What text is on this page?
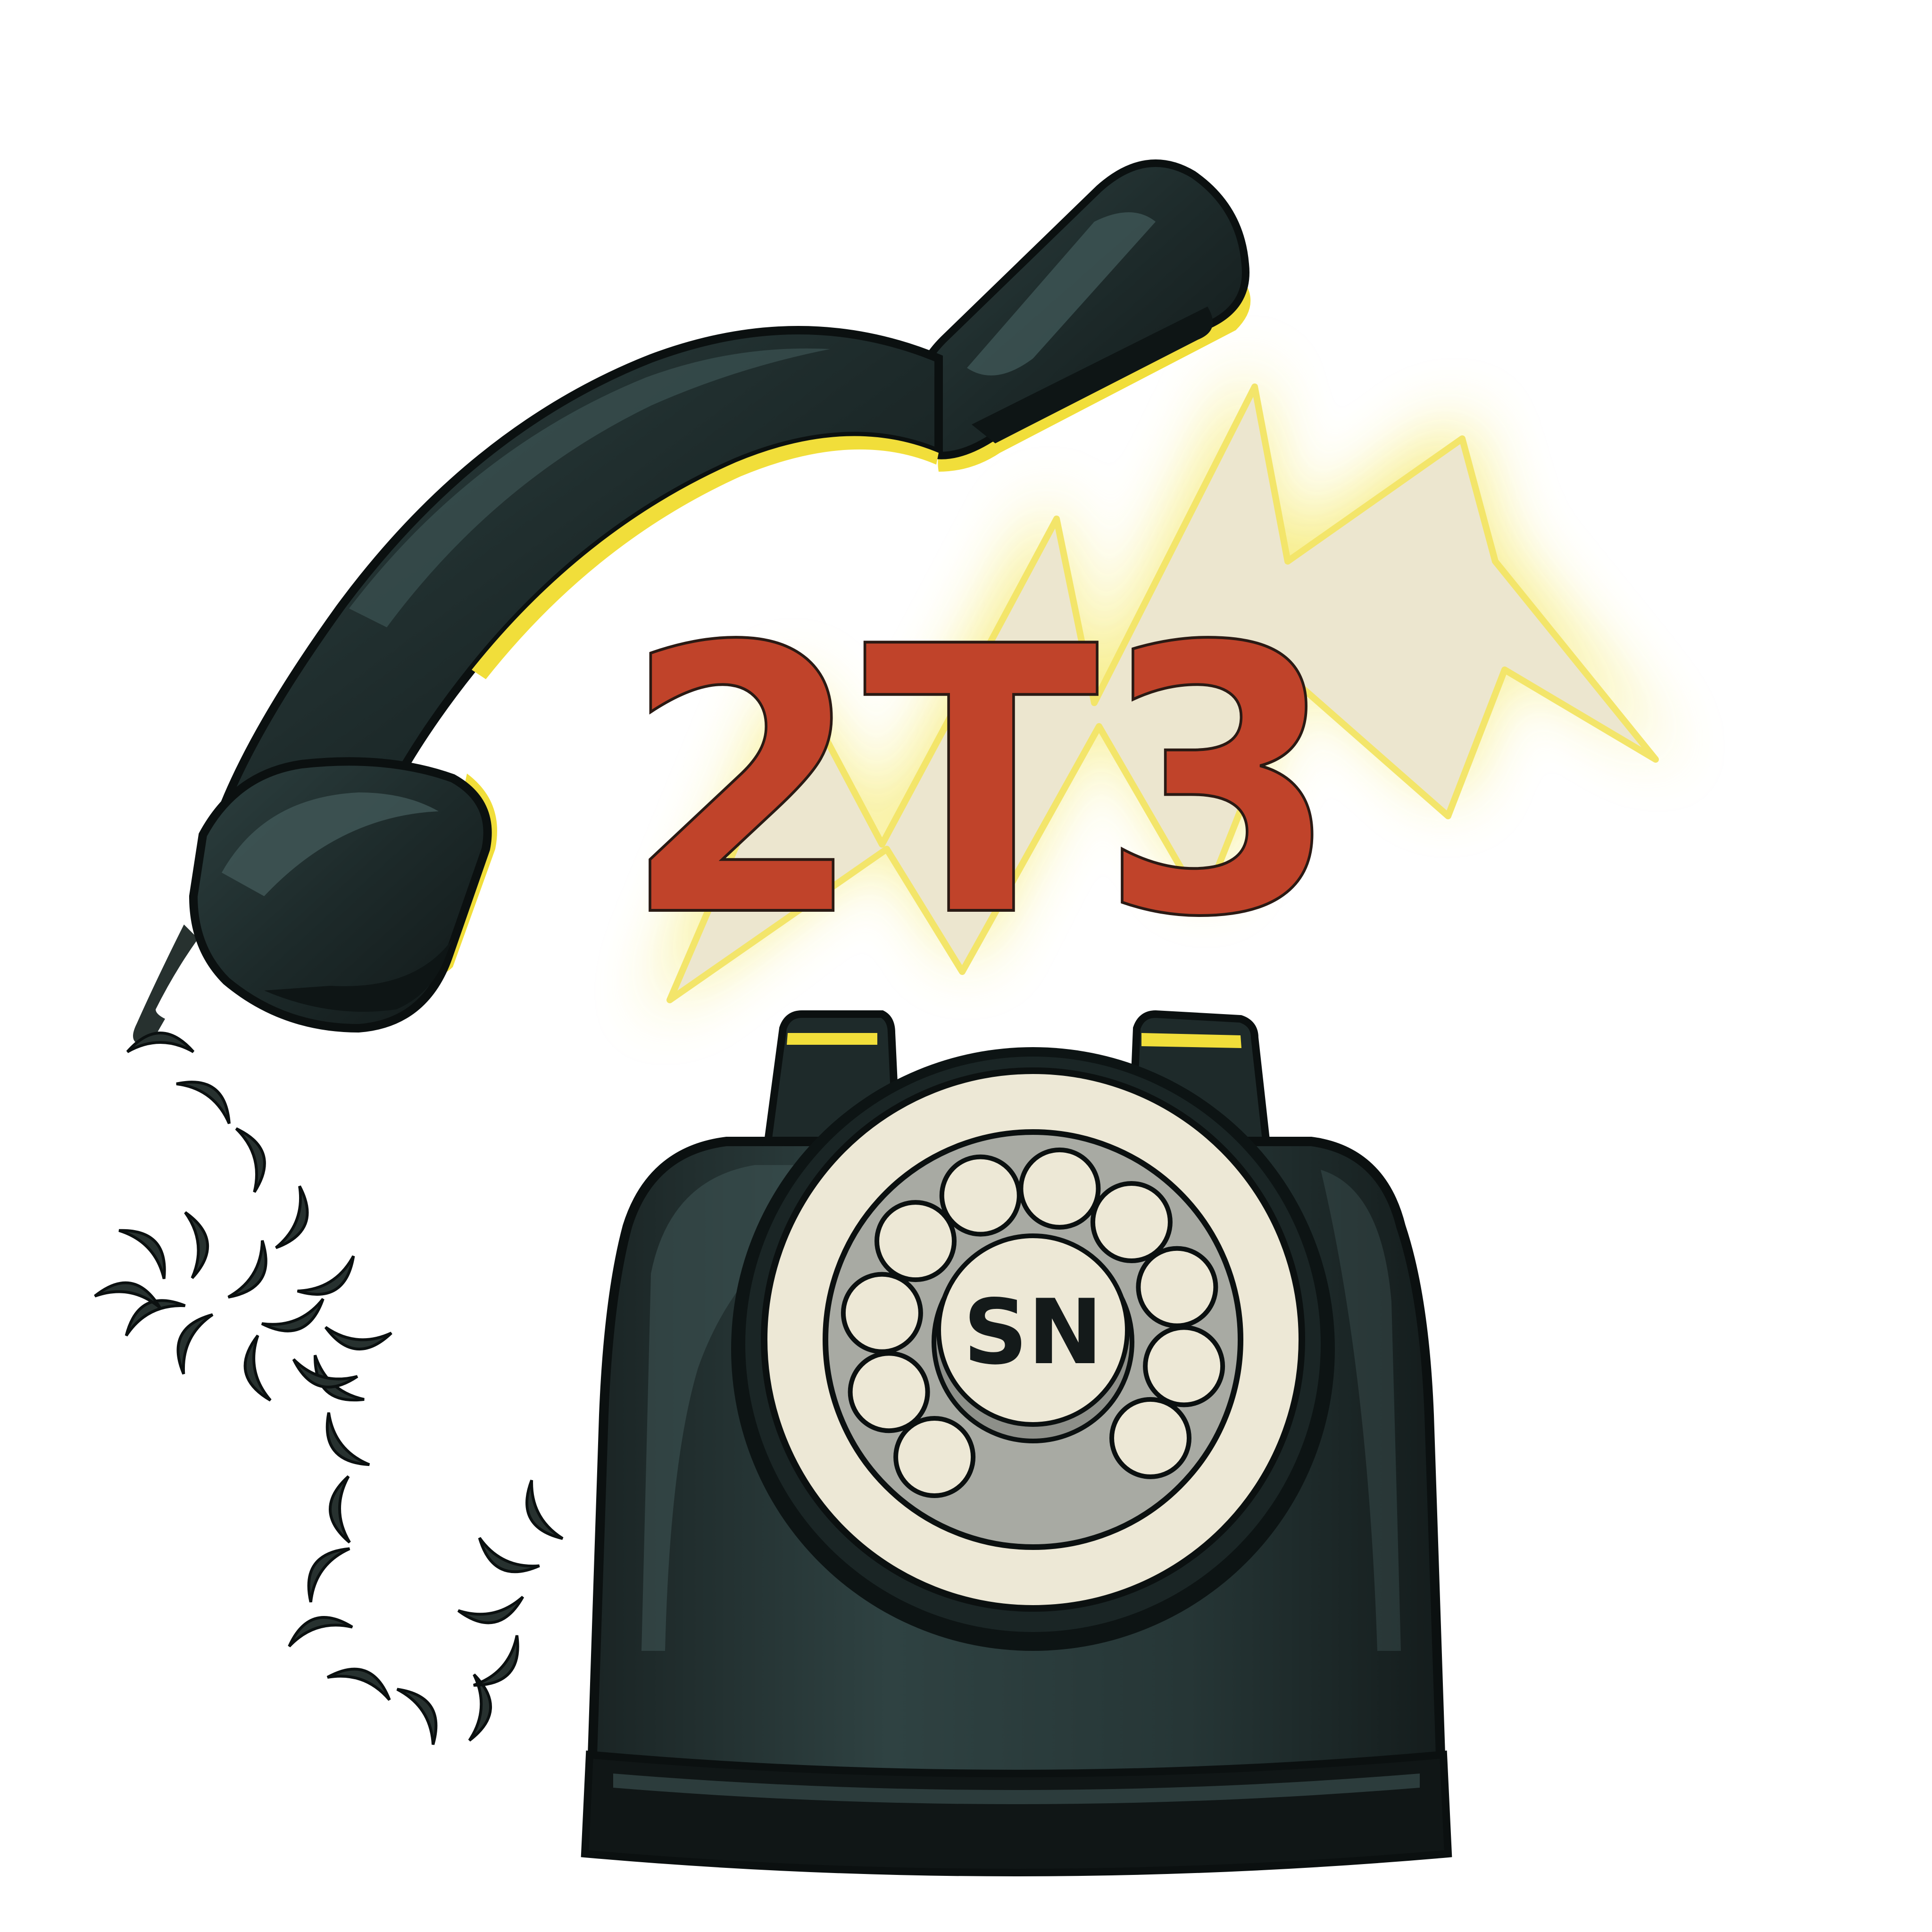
2T3
SN
